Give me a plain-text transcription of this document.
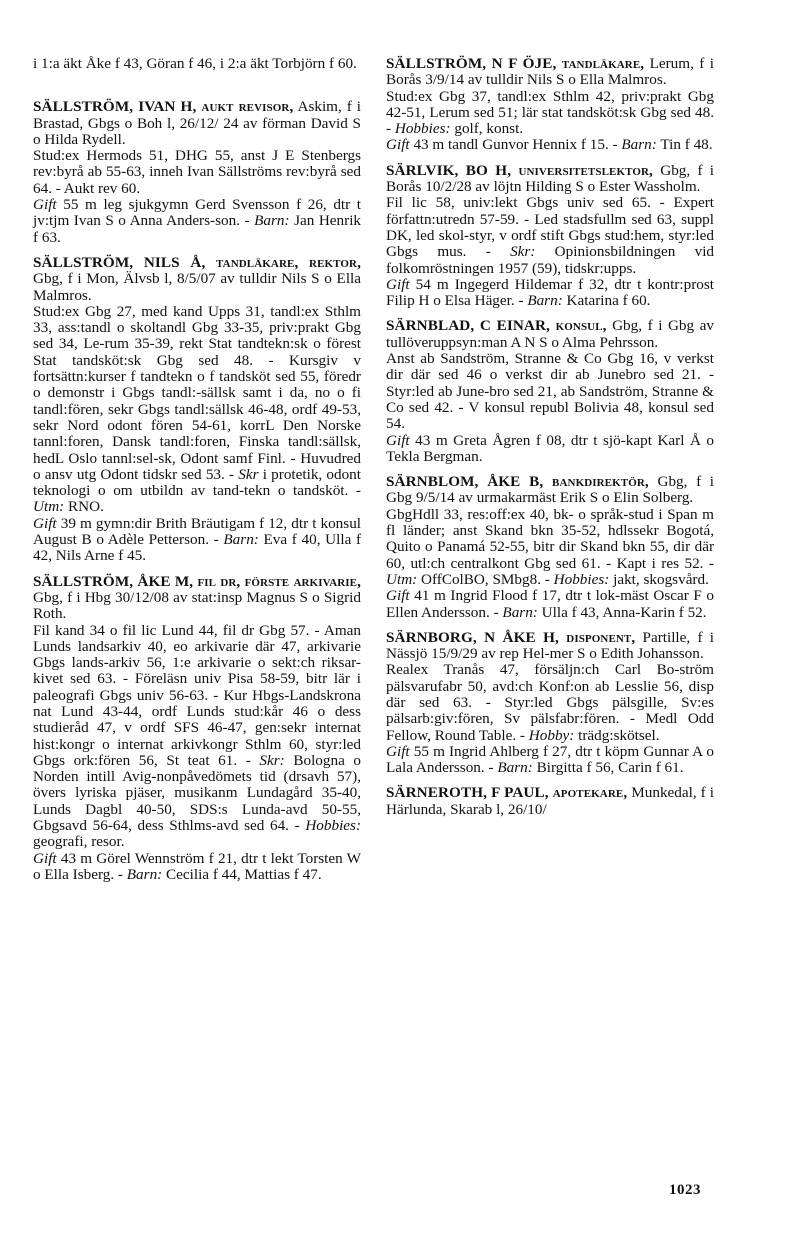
i 1:a äkt Åke f 43, Göran f 46, i 2:a äkt Torbjörn f 60.

SÄLLSTRÖM, IVAN H, aukt revisor, Askim, f i Brastad, Gbgs o Boh l, 26/12/ 24 av förman David S o Hilda Rydell.

Stud:ex Hermods 51, DHG 55, anst J E Stenbergs rev:byrå ab 55-63, inneh Ivan Sällströms rev:byrå sed 64. - Aukt rev 60.

Gift 55 m leg sjukgymn Gerd Svensson f 26, dtr t jv:tjm Ivan S o Anna Anders-son. - Barn: Jan Henrik f 63.

SÄLLSTRÖM, NILS Å, tandläkare, rektor, Gbg, f i Mon, Älvsb l, 8/5/07 av tulldir Nils S o Ella Malmros.

Stud:ex Gbg 27, med kand Upps 31, tandl:ex Sthlm 33, ass:tandl o skoltandl Gbg 33-35, priv:prakt Gbg sed 34, Le-rum 35-39, rekt Stat tandtekn:sk o förest Stat tandsköt:sk Gbg sed 48. - Kursgiv v fortsättn:kurser f tandtekn o f tandsköt sed 55, föredr o demonstr i Gbgs tandl:-sällsk samt i da, no o fi tandl:fören, sekr Gbgs tandl:sällsk 46-48, ordf 49-53, sekr Nord odont fören 54-61, korrL Den Norske tannl:foren, Dansk tandl:foren, Finska tandl:sällsk, hedL Oslo tannl:sel-sk, Odont samf Finl. - Huvudred o ansv utg Odont tidskr sed 53. - Skr i protetik, odont teknologi o om utbildn av tand-tekn o tandsköt. - Utm: RNO.

Gift 39 m gymn:dir Brith Bräutigam f 12, dtr t konsul August B o Adèle Petterson. - Barn: Eva f 40, Ulla f 42, Nils Arne f 45.

SÄLLSTRÖM, ÅKE M, fil dr, förste arkivarie, Gbg, f i Hbg 30/12/08 av stat:insp Magnus S o Sigrid Roth.

Fil kand 34 o fil lic Lund 44, fil dr Gbg 57. - Aman Lunds landsarkiv 40, eo arkivarie där 47, arkivarie Gbgs lands-arkiv 56, 1:e arkivarie o sekt:ch riksar-kivet sed 63. - Föreläsn univ Pisa 58-59, bitr lär i paleografi Gbgs univ 56-63. - Kur Hbgs-Landskrona nat Lund 43-44, ordf Lunds stud:kår 46 o dess studieråd 47, v ordf SFS 46-47, gen:sekr internat hist:kongr o internat arkivkongr Sthlm 60, styr:led Gbgs ork:fören 56, St teat 61. - Skr: Bologna o Norden intill Avig-nonpåvedömets tid (drsavh 57), övers lyriska pjäser, musikanm Lundagård 35-40, Lunds Dagbl 40-50, SDS:s Lunda-avd 50-55, Gbgsavd 56-64, dess Sthlms-avd sed 64. - Hobbies: geografi, resor.

Gift 43 m Görel Wennström f 21, dtr t lekt Torsten W o Ella Isberg. - Barn: Cecilia f 44, Mattias f 47.

SÄLLSTRÖM, N F ÖJE, tandläkare, Lerum, f i Borås 3/9/14 av tulldir Nils S o Ella Malmros.

Stud:ex Gbg 37, tandl:ex Sthlm 42, priv:prakt Gbg 42-51, Lerum sed 51; lär stat tandsköt:sk Gbg sed 48. - Hobbies: golf, konst.

Gift 43 m tandl Gunvor Hennix f 15. - Barn: Tin f 48.

SÄRLVIK, BO H, universitetslektor, Gbg, f i Borås 10/2/28 av löjtn Hilding S o Ester Wassholm.

Fil lic 58, univ:lekt Gbgs univ sed 65. - Expert författn:utredn 57-59. - Led stadsfullm sed 63, suppl DK, led skol-styr, v ordf stift Gbgs stud:hem, styr:led Gbgs mus. - Skr: Opinionsbildningen vid folkomröstningen 1957 (59), tidskr:upps.

Gift 54 m Ingegerd Hildemar f 32, dtr t kontr:prost Filip H o Elsa Häger. - Barn: Katarina f 60.

SÄRNBLAD, C EINAR, konsul, Gbg, f i Gbg av tullöveruppsyn:man A N S o Alma Pehrsson.

Anst ab Sandström, Stranne & Co Gbg 16, v verkst dir där sed 46 o verkst dir ab Junebro sed 21. - Styr:led ab June-bro sed 21, ab Sandström, Stranne & Co sed 42. - V konsul republ Bolivia 48, konsul sed 54.

Gift 43 m Greta Ågren f 08, dtr t sjö-kapt Karl Å o Tekla Bergman.

SÄRNBLOM, ÅKE B, bankdirektör, Gbg, f i Gbg 9/5/14 av urmakarmäst Erik S o Elin Solberg.

GbgHdll 33, res:off:ex 40, bk- o språk-stud i Span m fl länder; anst Skand bkn 35-52, hdlssekr Bogotá, Quito o Panamá 52-55, bitr dir Skand bkn 55, dir där 60, utl:ch centralkont Gbg sed 61. - Kapt i res 52. - Utm: OffColBO, SMbg8. - Hobbies: jakt, skogsvård.

Gift 41 m Ingrid Flood f 17, dtr t lok-mäst Oscar F o Ellen Andersson. - Barn: Ulla f 43, Anna-Karin f 52.

SÄRNBORG, N ÅKE H, disponent, Partille, f i Nässjö 15/9/29 av rep Hel-mer S o Edith Johansson.

Realex Tranås 47, försäljn:ch Carl Bo-ström pälsvarufabr 50, avd:ch Konf:on ab Lesslie 56, disp där sed 63. - Styr:led Gbgs pälsgille, Sv:es pälsarb:giv:fören, Sv pälsfabr:fören. - Medl Odd Fellow, Round Table. - Hobby: trädg:skötsel.

Gift 55 m Ingrid Ahlberg f 27, dtr t köpm Gunnar A o Lala Andersson. - Barn: Birgitta f 56, Carin f 61.

SÄRNEROTH, F PAUL, apotekare, Munkedal, f i Härlunda, Skarab l, 26/10/

1023
